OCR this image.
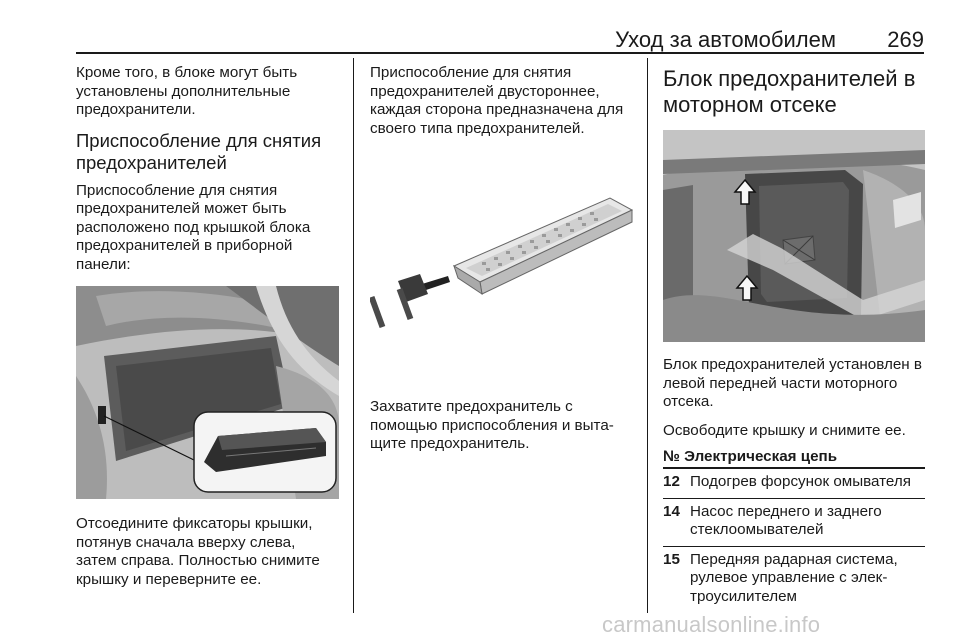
Уход за автомобилем 269

Кроме того, в блоке могут быть установлены дополнительные предохранители.

Приспособление для снятия предохранителей

Приспособление для снятия предохранителей может быть расположено под крышкой блока предохранителей в приборной панели:

Отсоедините фиксаторы крышки, потянув сначала вверху слева, затем справа. Полностью снимите крышку и переверните ее.

Приспособление для снятия предохранителей двустороннее, каждая сторона предназначена для своего типа предохранителей.

Захватите предохранитель с помощью приспособления и вытащите предохранитель.

Блок предохранителей в моторном отсеке

Блок предохранителей установлен в левой передней части моторного отсека.

Освободите крышку и снимите ее.

№ Электрическая цепь
12 Подогрев форсунок омывателя
14 Насос переднего и заднего стеклоомывателей
15 Передняя радарная система, рулевое управление с электроусилителем
carmanualsonline.info
